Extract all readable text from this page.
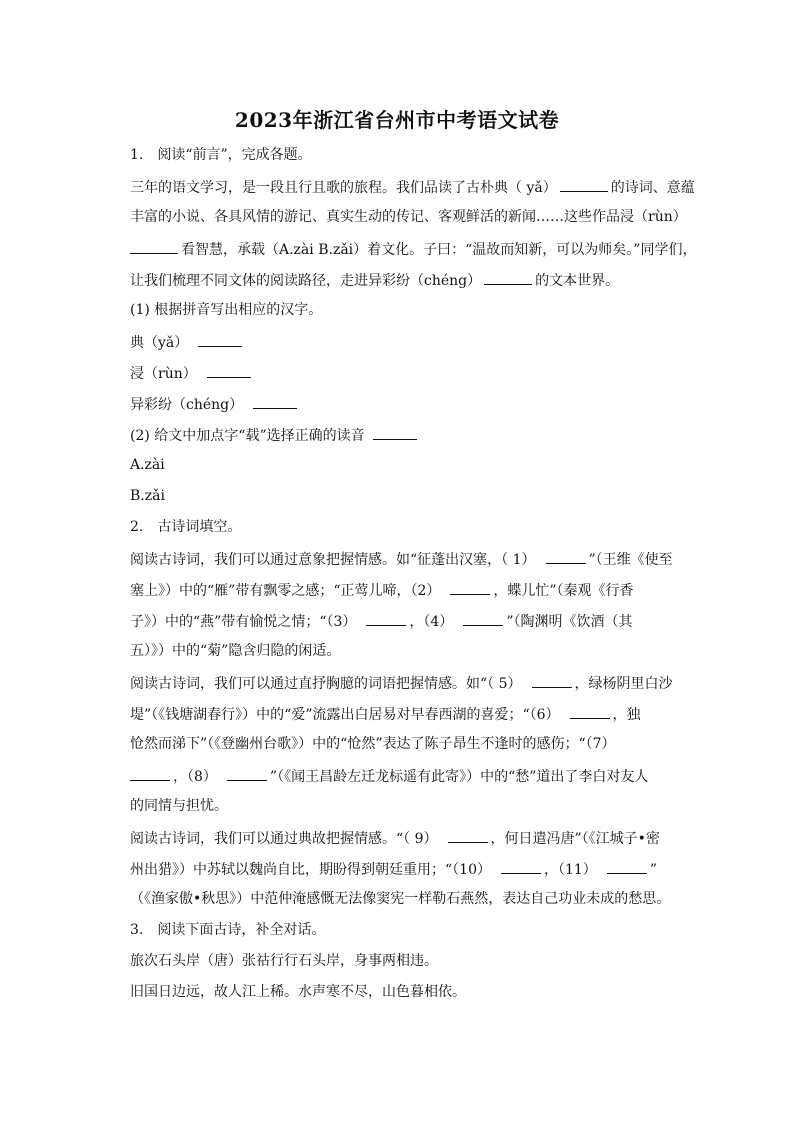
2023年浙江省台州市中考语文试卷
1.　阅读“前言”，完成各题。
三年的语文学习，是一段且行且歌的旅程。我们品读了古朴典（ yǎ）	的诗词、意蕴
丰富的小说、各具风情的游记、真实生动的传记、客观鲜活的新闻……这些作品浸（rùn）
看智慧，承载（A.zài B.zǎi）着文化。子曰：“温故而知新，可以为师矣。”同学们，
让我们梳理不同文体的阅读路径，走进异彩纷（chéng）	的文本世界。
(1) 根据拼音写出相应的汉字。
典（yǎ）
浸（rùn）
异彩纷（chéng）
(2) 给文中加点字“载”选择正确的读音
A.zài
B.zǎi
2.　古诗词填空。
阅读古诗词，我们可以通过意象把握情感。如“征蓬出汉塞，（ 1）	”（王维《使至
塞上》）中的“雁”带有飘零之感；“正莺儿啼，（2）	，蝶儿忙”（秦观《行香
子》）中的“燕”带有愉悦之情；“（3）	，（4）	”（陶渊明《饮酒（其
五）》）中的“菊”隐含归隐的闲适。
阅读古诗词，我们可以通过直抒胸臆的词语把握情感。如“（ 5）	，绿杨阴里白沙
堤”（《钱塘湖春行》）中的“爱”流露出白居易对早春西湖的喜爱；“（6）	，独
怆然而涕下”（《登幽州台歌》）中的“怆然”表达了陈子昂生不逢时的感伤；“（7）
，（8）	”（《闻王昌龄左迁龙标遥有此寄》）中的“愁”道出了李白对友人
的同情与担忧。
阅读古诗词，我们可以通过典故把握情感。“（ 9）	，何日遣冯唐”（《江城子•密
州出猎》）中苏轼以魏尚自比，期盼得到朝廷重用；“（10）	，（11）	”
（《渔家傲•秋思》）中范仲淹感慨无法像窦宪一样勒石燕然，表达自己功业未成的愁思。
3.　阅读下面古诗，补全对话。
旅次石头岸（唐）张祜行行石头岸，身事两相违。
旧国日边远，故人江上稀。水声寒不尽，山色暮相依。
